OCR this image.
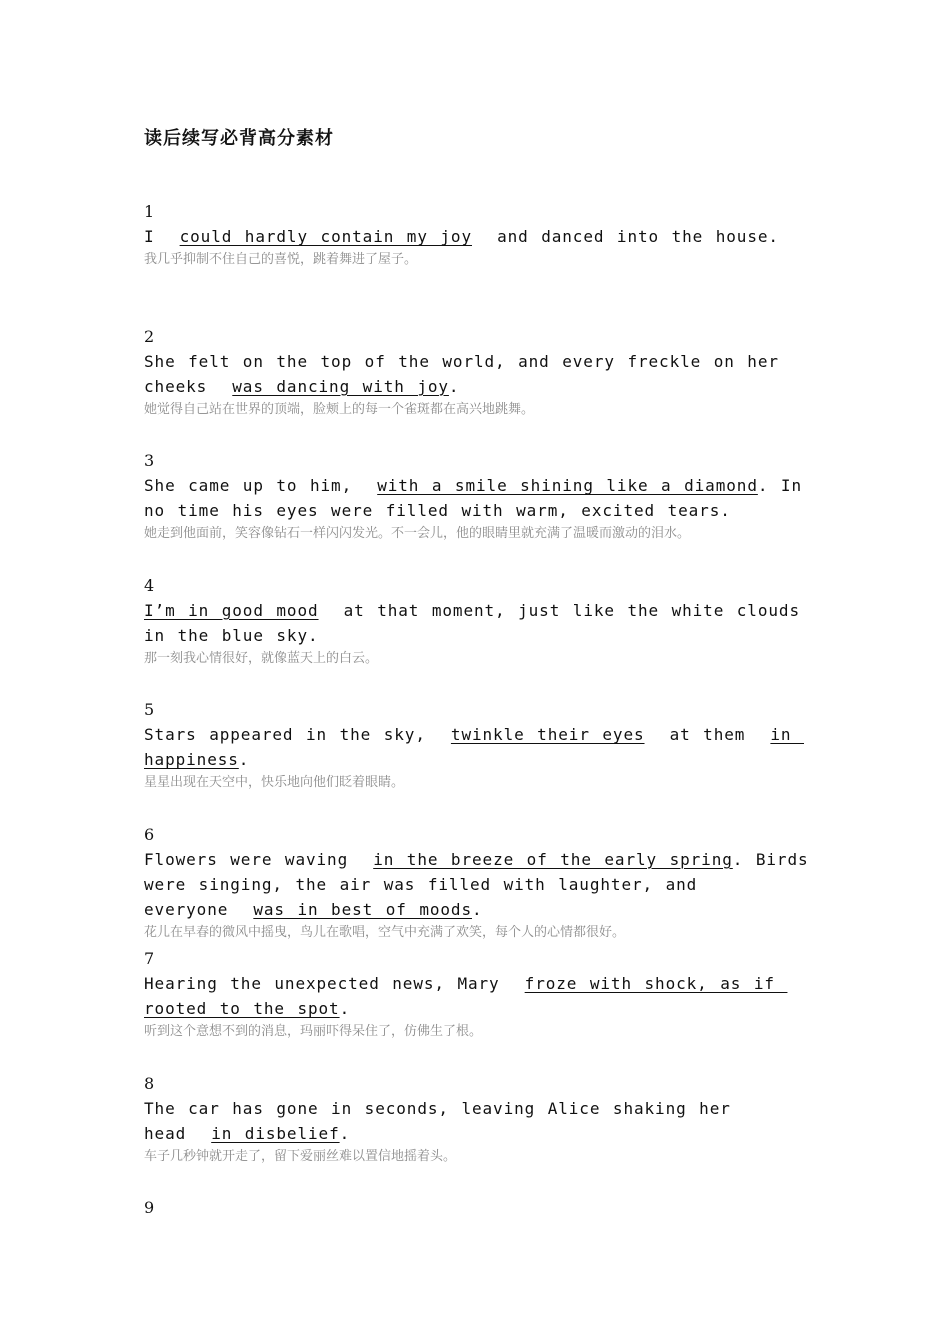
读后续写必背高分素材
1
I  could hardly contain my joy  and danced into the house.
我几乎抑制不住自己的喜悦，跳着舞进了屋子。
2
She felt on the top of the world, and every freckle on her
cheeks  was dancing with joy.
她觉得自己站在世界的顶端，脸颊上的每一个雀斑都在高兴地跳舞。
3
She came up to him,  with a smile shining like a diamond. In
no time his eyes were filled with warm, excited tears.
她走到他面前，笑容像钻石一样闪闪发光。不一会儿，他的眼睛里就充满了温暖而激动的泪水。
4
I’m in good mood  at that moment, just like the white clouds
in the blue sky.
那一刻我心情很好，就像蓝天上的白云。
5
Stars appeared in the sky,  twinkle their eyes  at them  in
happiness.
星星出现在天空中，快乐地向他们眨着眼睛。
6
Flowers were waving  in the breeze of the early spring. Birds
were singing, the air was filled with laughter, and
everyone  was in best of moods.
花儿在早春的微风中摇曳，鸟儿在歌唱，空气中充满了欢笑，每个人的心情都很好。
7
Hearing the unexpected news, Mary  froze with shock, as if
rooted to the spot.
听到这个意想不到的消息，玛丽吓得呆住了，仿佛生了根。
8
The car has gone in seconds, leaving Alice shaking her
head  in disbelief.
车子几秒钟就开走了，留下爱丽丝难以置信地摇着头。
9
